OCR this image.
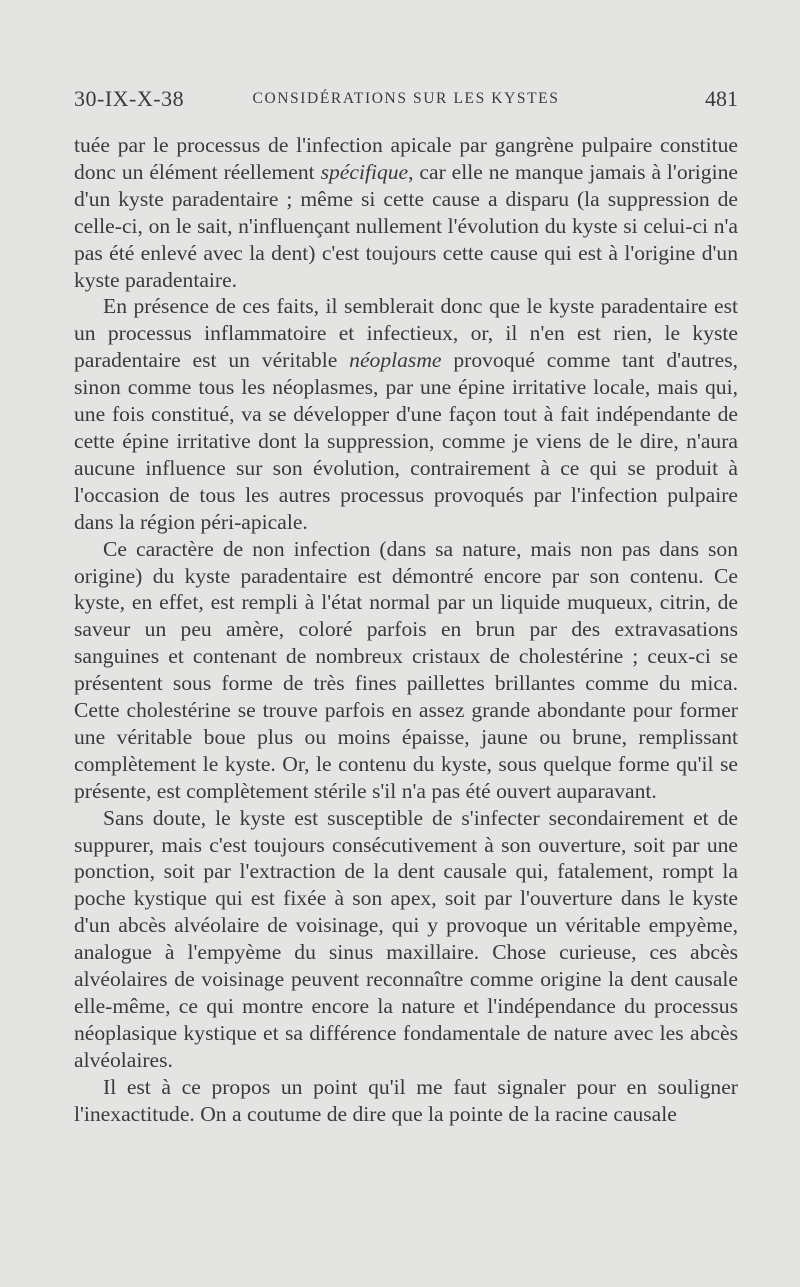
30-IX-X-38	CONSIDÉRATIONS SUR LES KYSTES	481

tuée par le processus de l'infection apicale par gangrène pulpaire constitue donc un élément réellement spécifique, car elle ne manque jamais à l'origine d'un kyste paradentaire ; même si cette cause a disparu (la suppression de celle-ci, on le sait, n'influençant nullement l'évolution du kyste si celui-ci n'a pas été enlevé avec la dent) c'est toujours cette cause qui est à l'origine d'un kyste paradentaire.

En présence de ces faits, il semblerait donc que le kyste paradentaire est un processus inflammatoire et infectieux, or, il n'en est rien, le kyste paradentaire est un véritable néoplasme provoqué comme tant d'autres, sinon comme tous les néoplasmes, par une épine irritative locale, mais qui, une fois constitué, va se développer d'une façon tout à fait indépendante de cette épine irritative dont la suppression, comme je viens de le dire, n'aura aucune influence sur son évolution, contrairement à ce qui se produit à l'occasion de tous les autres processus provoqués par l'infection pulpaire dans la région péri-apicale.

Ce caractère de non infection (dans sa nature, mais non pas dans son origine) du kyste paradentaire est démontré encore par son contenu. Ce kyste, en effet, est rempli à l'état normal par un liquide muqueux, citrin, de saveur un peu amère, coloré parfois en brun par des extravasations sanguines et contenant de nombreux cristaux de cholestérine ; ceux-ci se présentent sous forme de très fines paillettes brillantes comme du mica. Cette cholestérine se trouve parfois en assez grande abondante pour former une véritable boue plus ou moins épaisse, jaune ou brune, remplissant complètement le kyste. Or, le contenu du kyste, sous quelque forme qu'il se présente, est complètement stérile s'il n'a pas été ouvert auparavant.

Sans doute, le kyste est susceptible de s'infecter secondairement et de suppurer, mais c'est toujours consécutivement à son ouverture, soit par une ponction, soit par l'extraction de la dent causale qui, fatalement, rompt la poche kystique qui est fixée à son apex, soit par l'ouverture dans le kyste d'un abcès alvéolaire de voisinage, qui y provoque un véritable empyème, analogue à l'empyème du sinus maxillaire. Chose curieuse, ces abcès alvéolaires de voisinage peuvent reconnaître comme origine la dent causale elle-même, ce qui montre encore la nature et l'indépendance du processus néoplasique kystique et sa différence fondamentale de nature avec les abcès alvéolaires.

Il est à ce propos un point qu'il me faut signaler pour en souligner l'inexactitude. On a coutume de dire que la pointe de la racine causale
